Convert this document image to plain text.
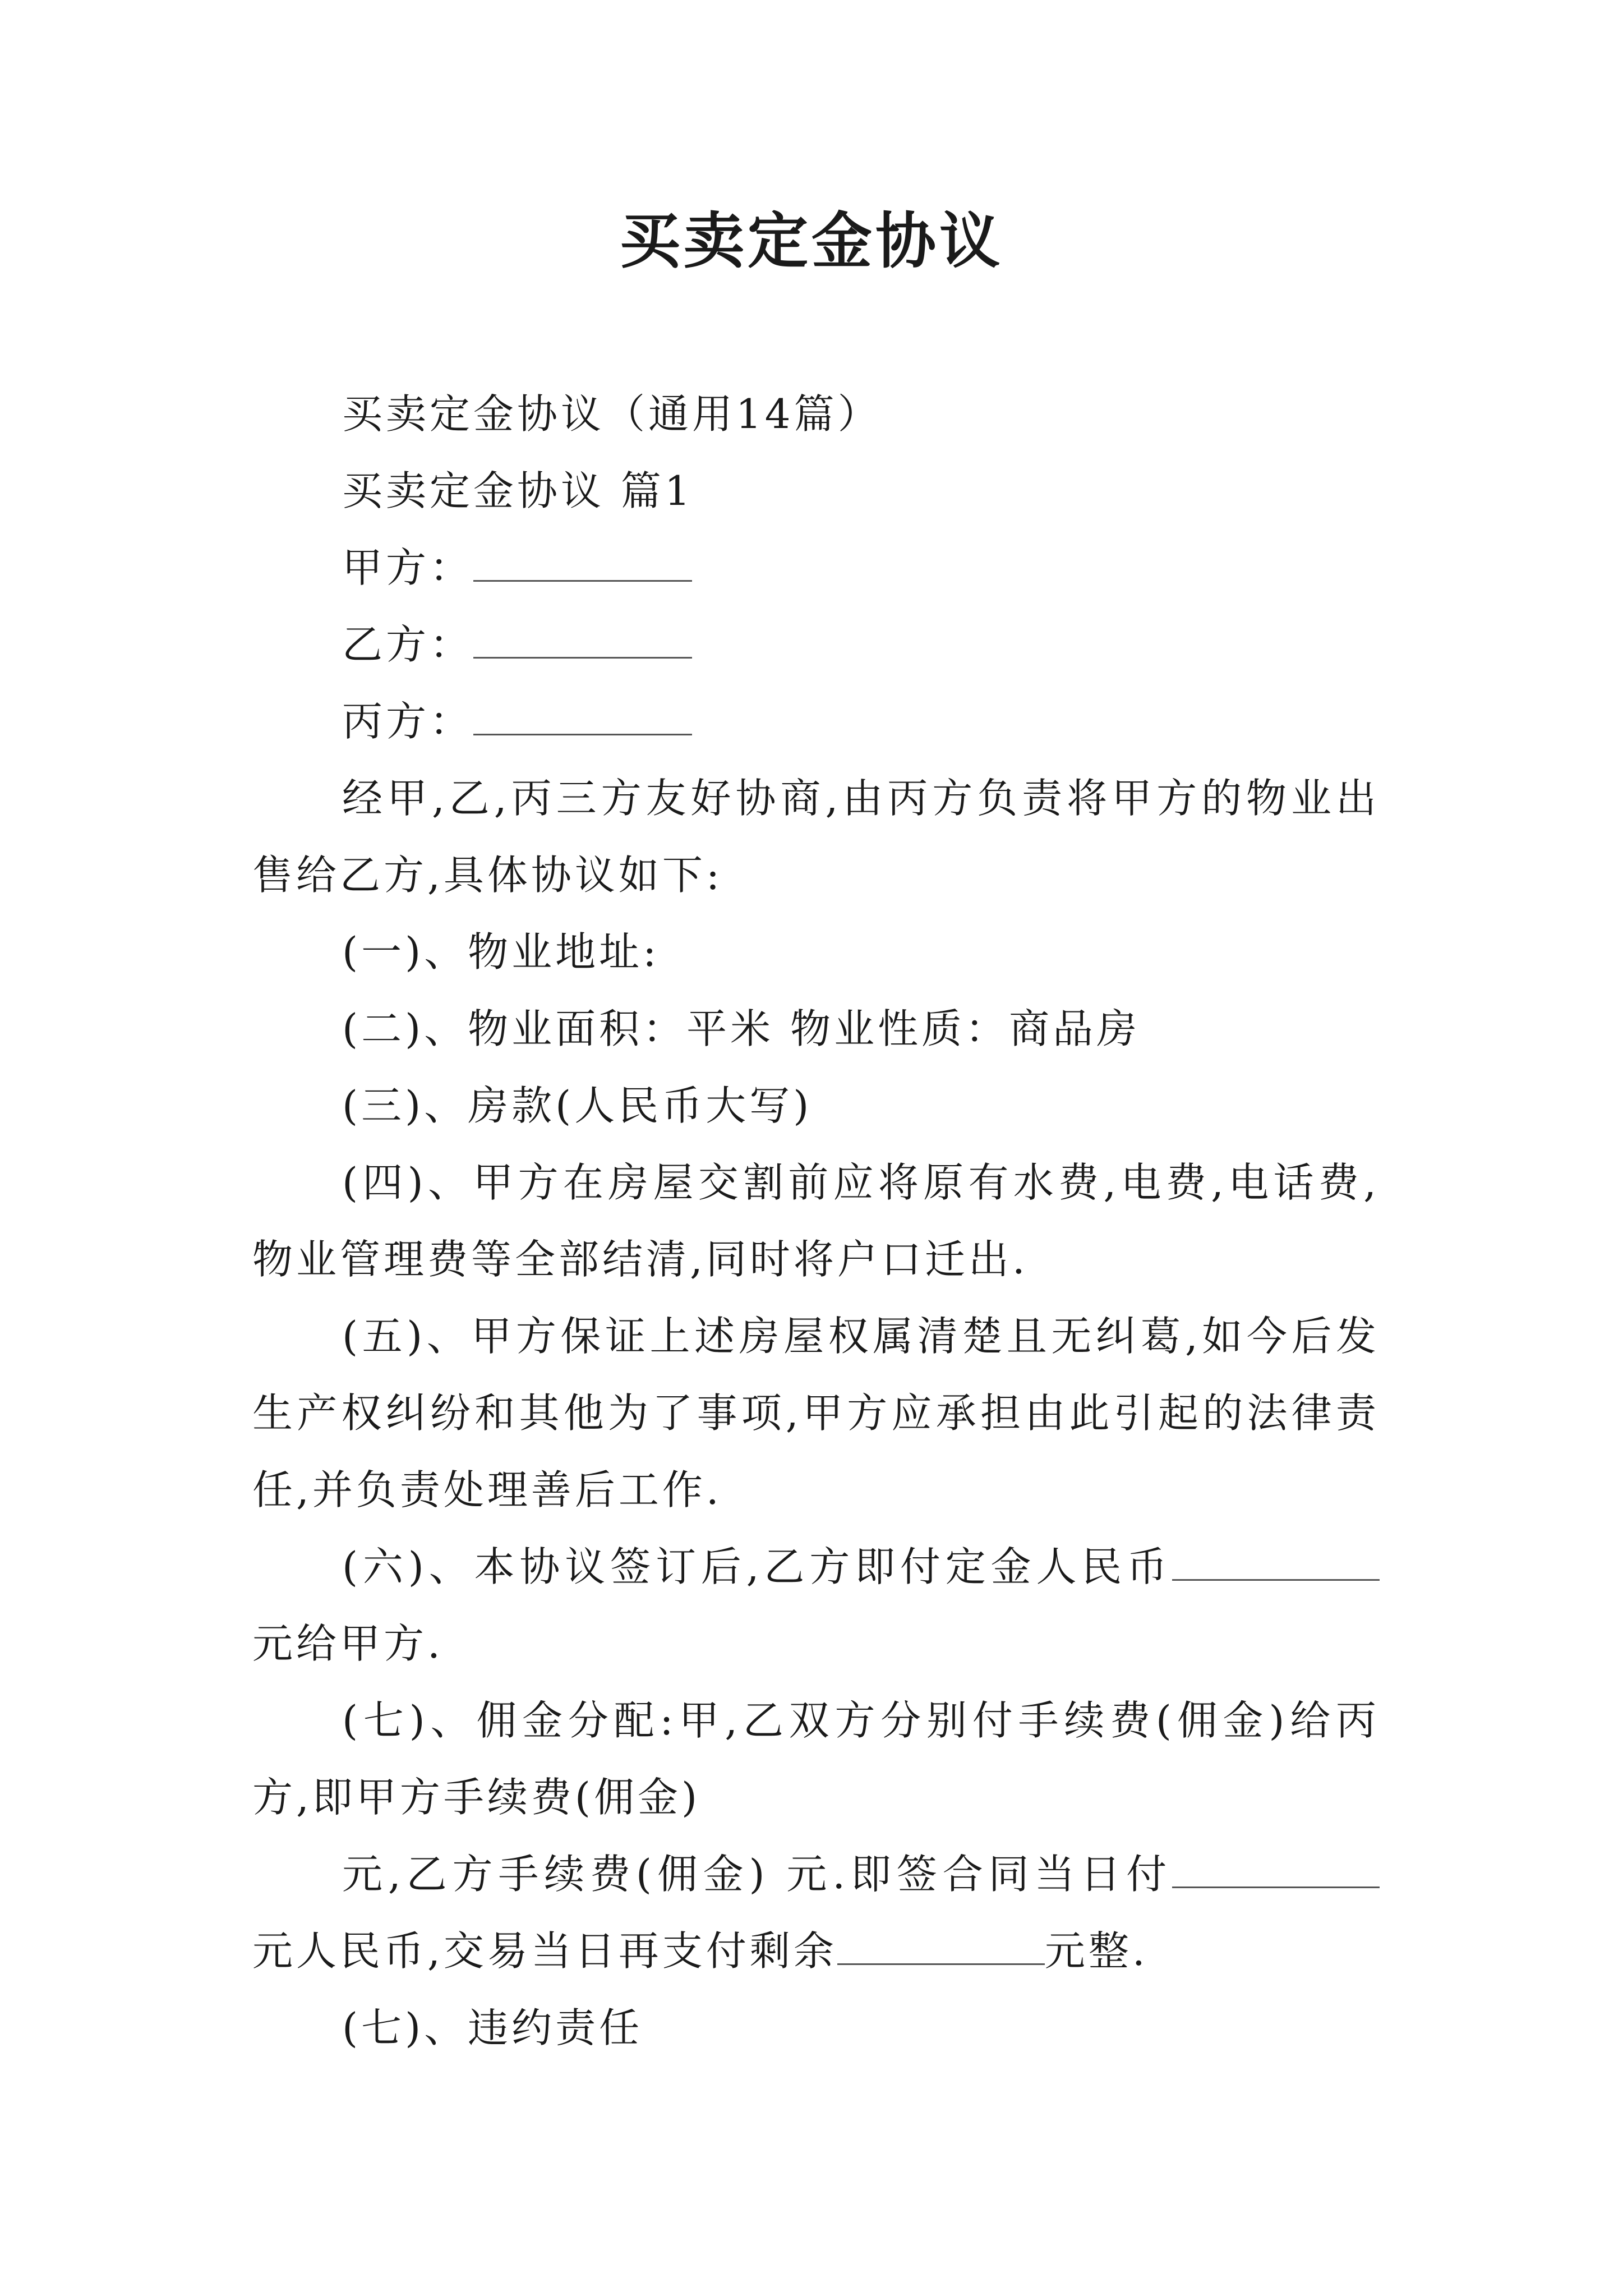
买卖定金协议

买卖定金协议（通用14篇）

买卖定金协议 篇1

甲方：

乙方：

丙方：

经甲,乙,丙三方友好协商,由丙方负责将甲方的物业出售给乙方,具体协议如下:

(一)、物业地址:

(二)、物业面积：平米 物业性质：商品房

(三)、房款(人民币大写)

(四)、甲方在房屋交割前应将原有水费,电费,电话费,物业管理费等全部结清,同时将户口迁出.

(五)、甲方保证上述房屋权属清楚且无纠葛,如今后发生产权纠纷和其他为了事项,甲方应承担由此引起的法律责任,并负责处理善后工作.

(六)、本协议签订后,乙方即付定金人民币元给甲方.

(七)、佣金分配:甲,乙双方分别付手续费(佣金)给丙方,即甲方手续费(佣金)

元,乙方手续费(佣金) 元.即签合同当日付元人民币,交易当日再支付剩余	元整.

(七)、违约责任
